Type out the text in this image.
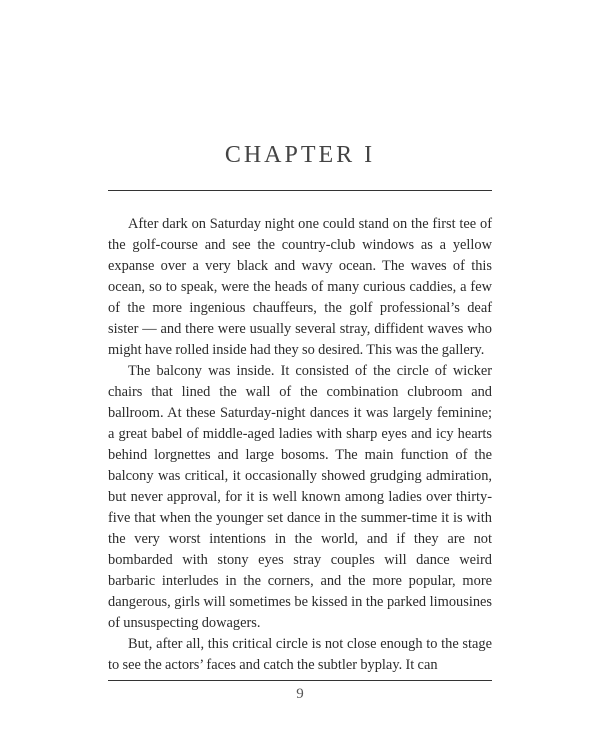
CHAPTER I

After dark on Saturday night one could stand on the first tee of the golf-course and see the country-club windows as a yellow expanse over a very black and wavy ocean. The waves of this ocean, so to speak, were the heads of many curious caddies, a few of the more ingenious chauffeurs, the golf professional’s deaf sister — and there were usually several stray, diffident waves who might have rolled inside had they so desired. This was the gallery.

The balcony was inside. It consisted of the circle of wicker chairs that lined the wall of the combination clubroom and ballroom. At these Saturday-night dances it was largely feminine; a great babel of middle-aged ladies with sharp eyes and icy hearts behind lorgnettes and large bosoms. The main function of the balcony was critical, it occasionally showed grudging admiration, but never approval, for it is well known among ladies over thirty-five that when the younger set dance in the summer-time it is with the very worst intentions in the world, and if they are not bombarded with stony eyes stray couples will dance weird barbaric interludes in the corners, and the more popular, more dangerous, girls will sometimes be kissed in the parked limousines of unsuspecting dowagers.

But, after all, this critical circle is not close enough to the stage to see the actors’ faces and catch the subtler byplay. It can

9
